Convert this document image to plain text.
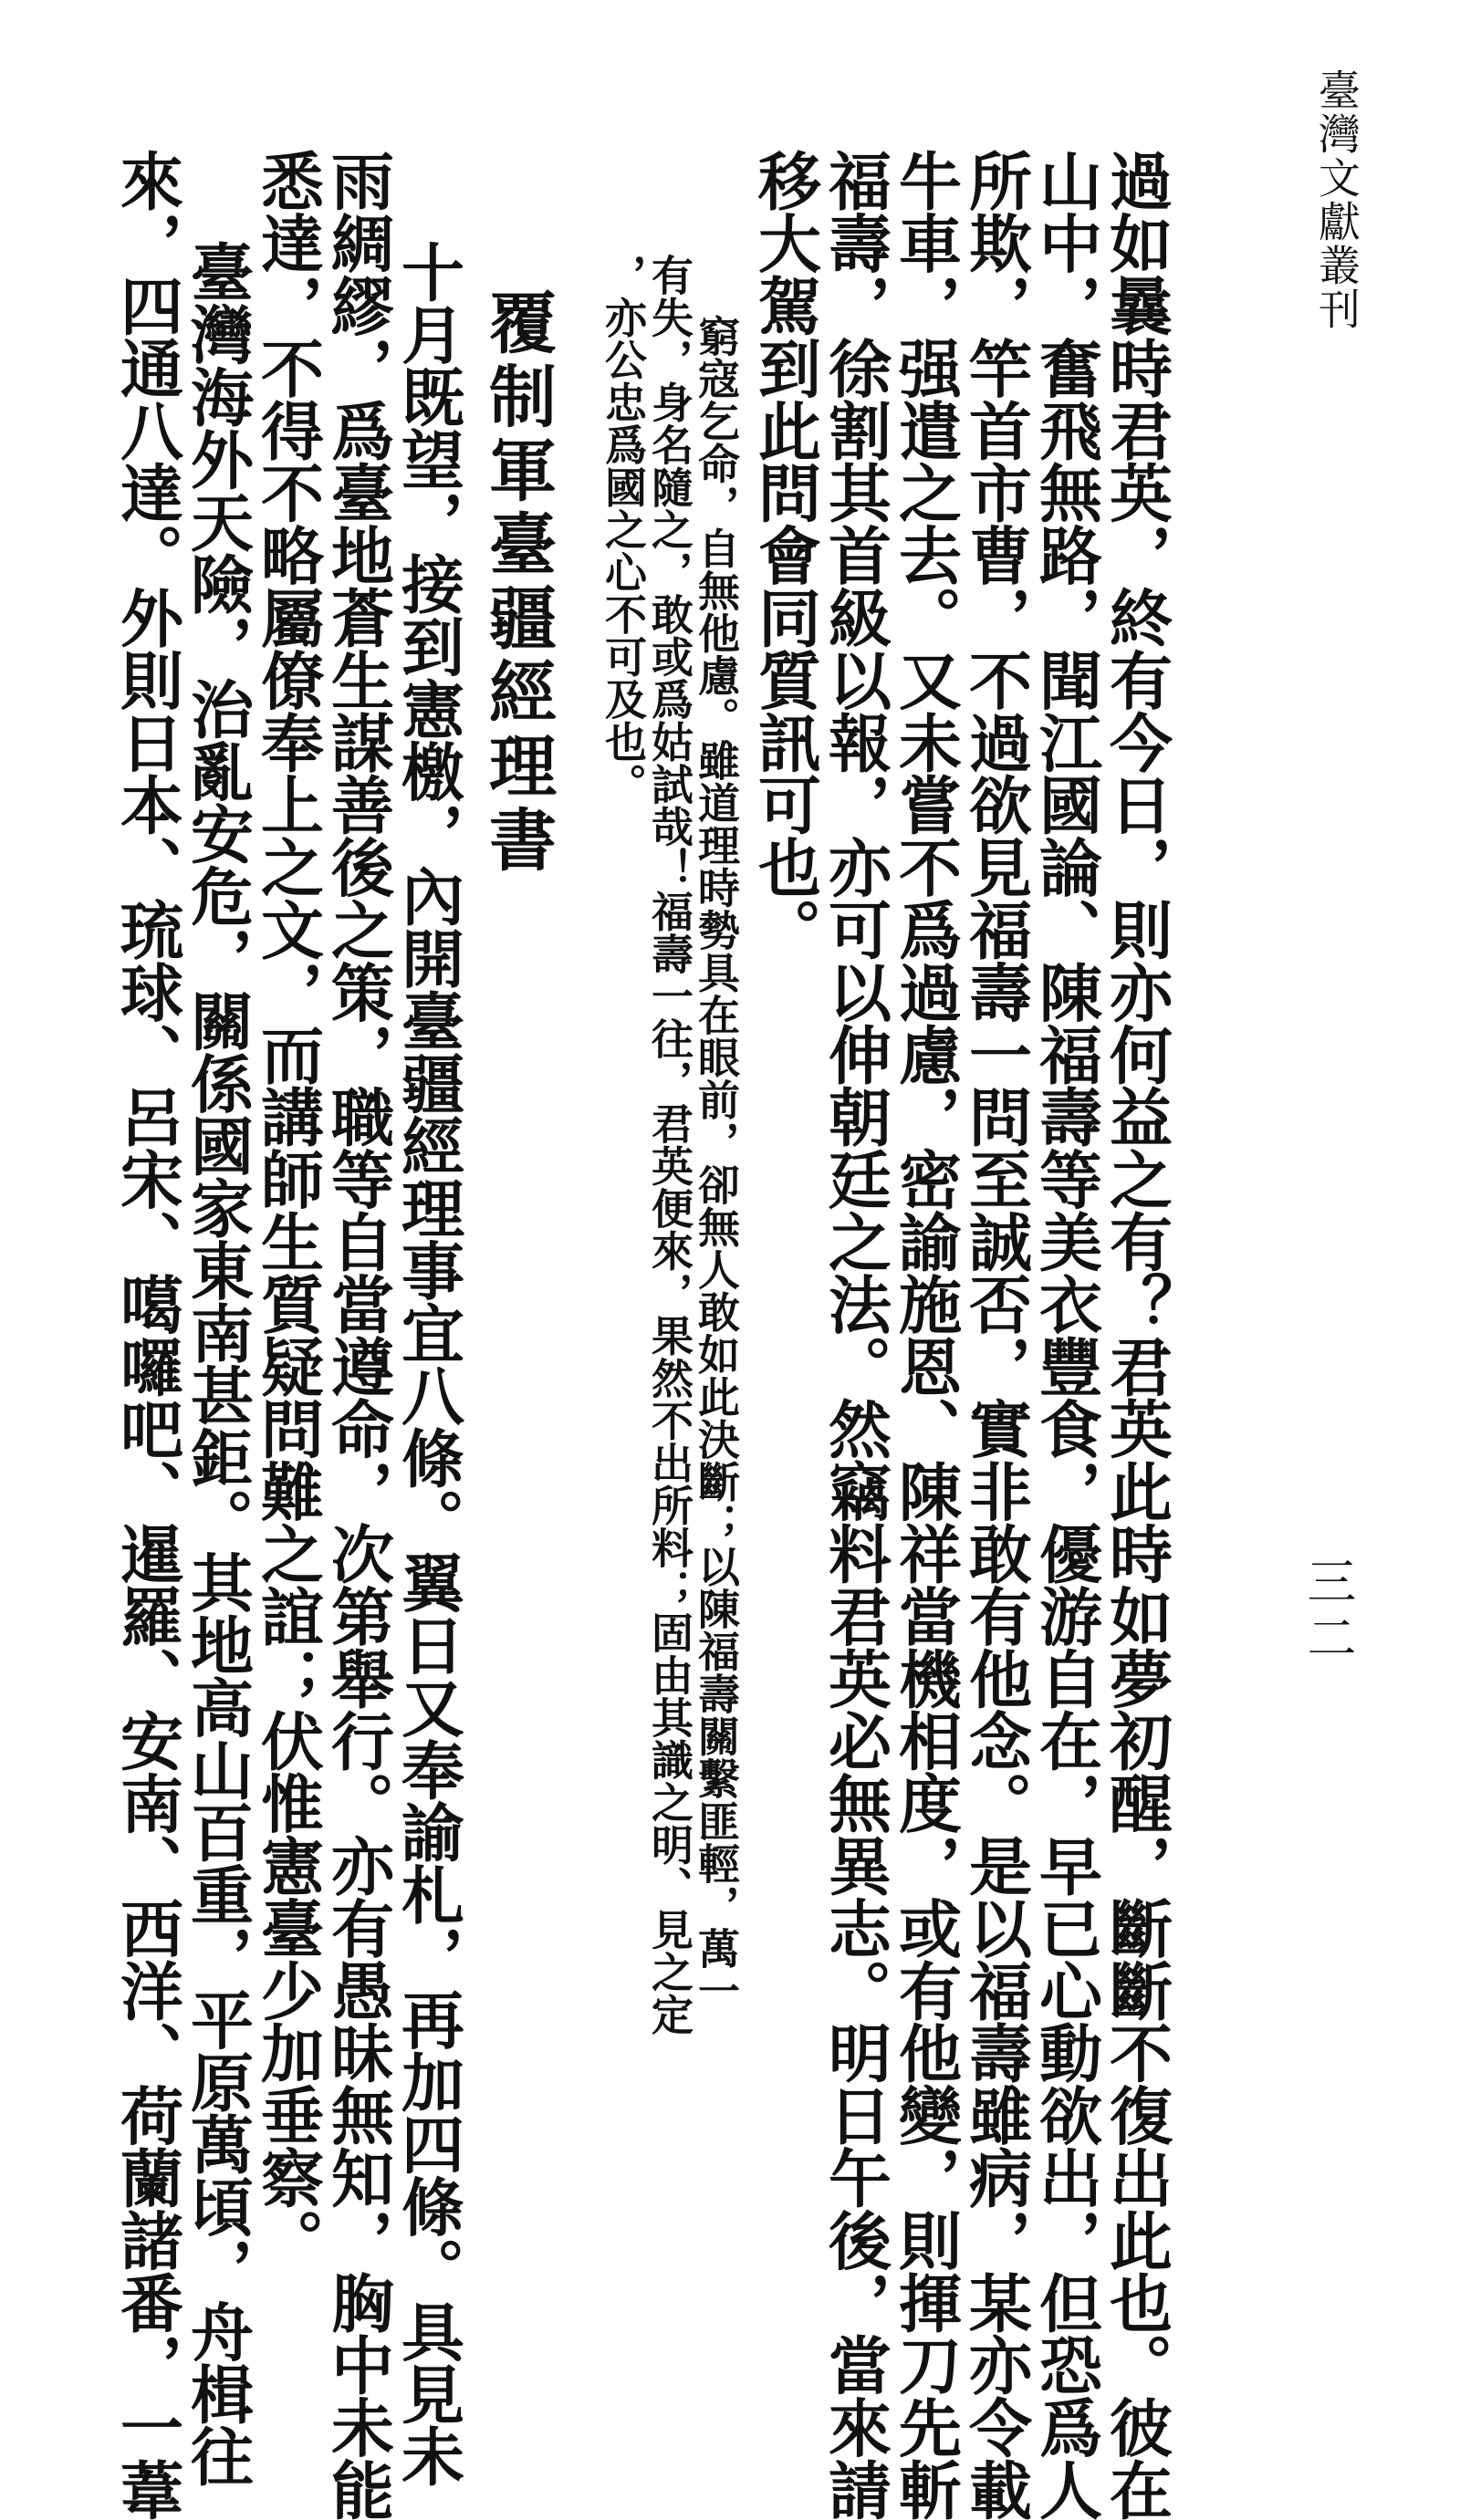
臺灣文獻叢刊
三二
過如曩時君英，終有今日，則亦何益之有？君英此時如夢初醒，斷斷不復出此也。彼在
山中，奮飛無路，聞江國論、陳福壽等美衣豐食，優游自在，早已心動欲出，但恐爲人
所欺，竿首市曹，不過欲見福壽一問至誠否，實非敢有他念。是以福壽雖病，某亦令載
牛車，强遣之去。又未嘗不爲過慮，密諭施恩、陳祥當機相度，或有他變，則揮刀先斬
福壽，徐割其首級以報，亦可以伸朝廷之法。然竊料君英必無異志。明日午後，當來請
移大駕到此問會同質訊可也。
窮寇乞命，自無他慮。雖道理時勢具在眼前，卻無人敢如此決斷；以陳福壽關繫匪輕，萬一
有失，身名隨之，敢或爲姑試哉！福壽一往，君英便來，果然不出所料；固由其識之明、見之定
，亦公忠爲國之心不可及也。
覆制軍臺疆經理書
十月既望，接到憲檄，內開臺疆經理事宜八條。翼日又奉諭札，再加四條。具見未
雨綢繆，爲臺地蒼生謀善後之策，職等自當遵命，次第舉行。亦有愚昧無知，胸中未能
悉達，不得不略屬僚奉上之文，而講師生質疑問難之誼；伏惟憲臺少加垂察。
臺灣海外天險，治亂安危，關係國家東南甚鉅。其地高山百重，平原萬頃，舟楫往
來，四通八達。外則日本、琉球、呂宋、噶囉吧、暹羅、安南、西洋、荷蘭諸番，一葦
